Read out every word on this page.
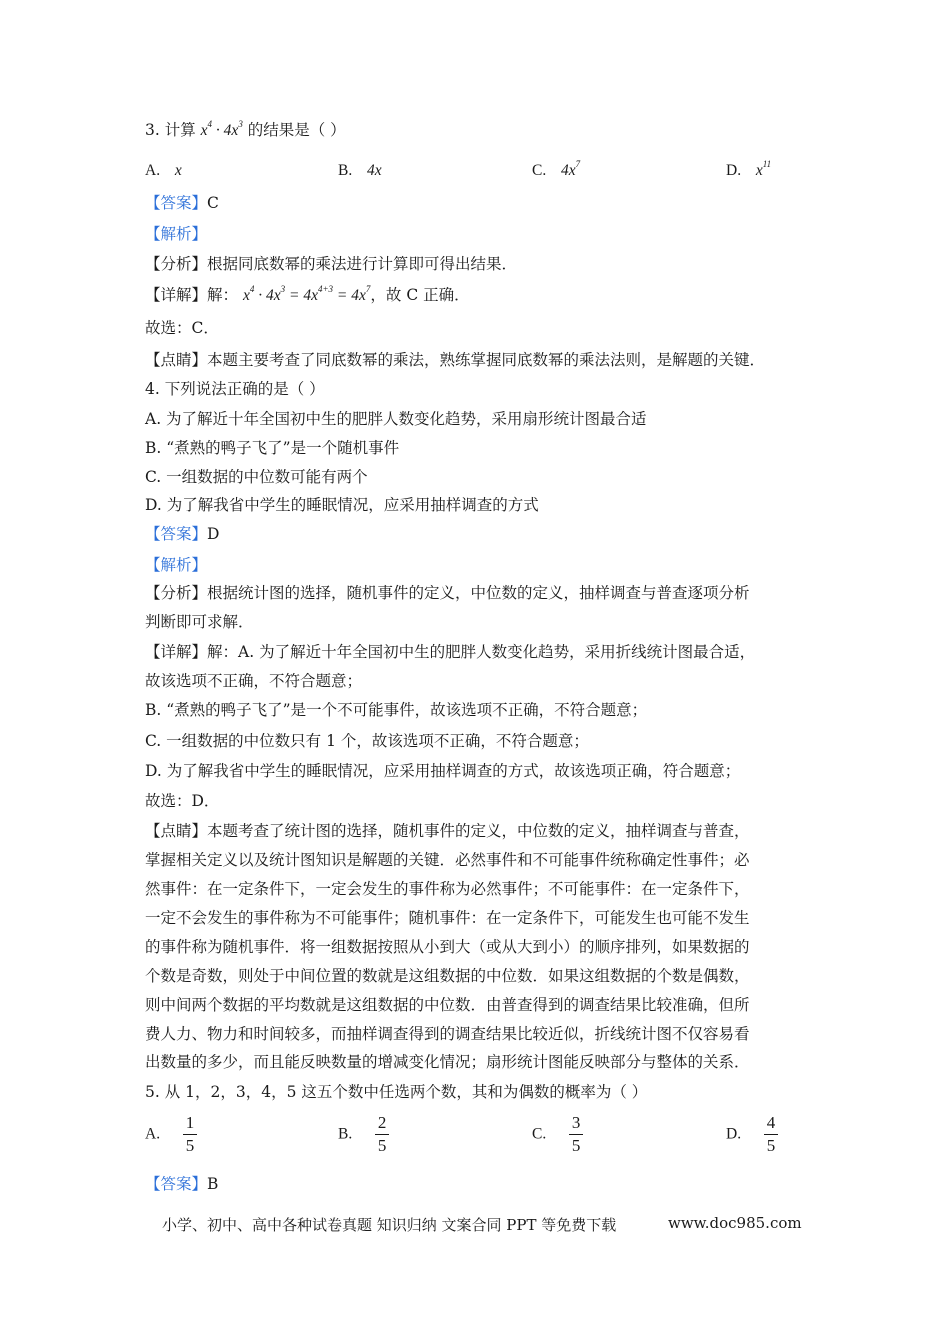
3. 计算 $x^4 \cdot 4x^3$ 的结果是（ ）
A. x	B. 4x	C. $4x^7$	D. $x^{11}$
【答案】C
【解析】
【分析】根据同底数幂的乘法进行计算即可得出结果．
【详解】解： $x^4 \cdot 4x^3 = 4x^{4+3} = 4x^7$，故 C 正确．
故选：C．
【点睛】本题主要考查了同底数幂的乘法，熟练掌握同底数幂的乘法法则，是解题的关键．
4. 下列说法正确的是（ ）
A. 为了解近十年全国初中生的肥胖人数变化趋势，采用扇形统计图最合适
B. “煮熟的鸭子飞了”是一个随机事件
C. 一组数据的中位数可能有两个
D. 为了解我省中学生的睡眠情况，应采用抽样调查的方式
【答案】D
【解析】
【分析】根据统计图的选择，随机事件的定义，中位数的定义，抽样调查与普查逐项分析
判断即可求解．
【详解】解：A. 为了解近十年全国初中生的肥胖人数变化趋势，采用折线统计图最合适，
故该选项不正确，不符合题意；
B. “煮熟的鸭子飞了”是一个不可能事件，故该选项不正确，不符合题意；
C. 一组数据的中位数只有 1 个，故该选项不正确，不符合题意；
D. 为了解我省中学生的睡眠情况，应采用抽样调查的方式，故该选项正确，符合题意；
故选：D．
【点睛】本题考查了统计图的选择，随机事件的定义，中位数的定义，抽样调查与普查，
掌握相关定义以及统计图知识是解题的关键．必然事件和不可能事件统称确定性事件；必
然事件：在一定条件下，一定会发生的事件称为必然事件；不可能事件：在一定条件下，
一定不会发生的事件称为不可能事件；随机事件：在一定条件下，可能发生也可能不发生
的事件称为随机事件．将一组数据按照从小到大（或从大到小）的顺序排列，如果数据的
个数是奇数，则处于中间位置的数就是这组数据的中位数．如果这组数据的个数是偶数，
则中间两个数据的平均数就是这组数据的中位数．由普查得到的调查结果比较准确，但所
费人力、物力和时间较多，而抽样调查得到的调查结果比较近似，折线统计图不仅容易看
出数量的多少，而且能反映数量的增减变化情况；扇形统计图能反映部分与整体的关系．
5. 从 1，2，3，4，5 这五个数中任选两个数，其和为偶数的概率为（ ）
A. $\frac{1}{5}$	B. $\frac{2}{5}$	C. $\frac{3}{5}$	D. $\frac{4}{5}$
【答案】B
小学、初中、高中各种试卷真题 知识归纳 文案合同 PPT 等免费下载	www.doc985.com
